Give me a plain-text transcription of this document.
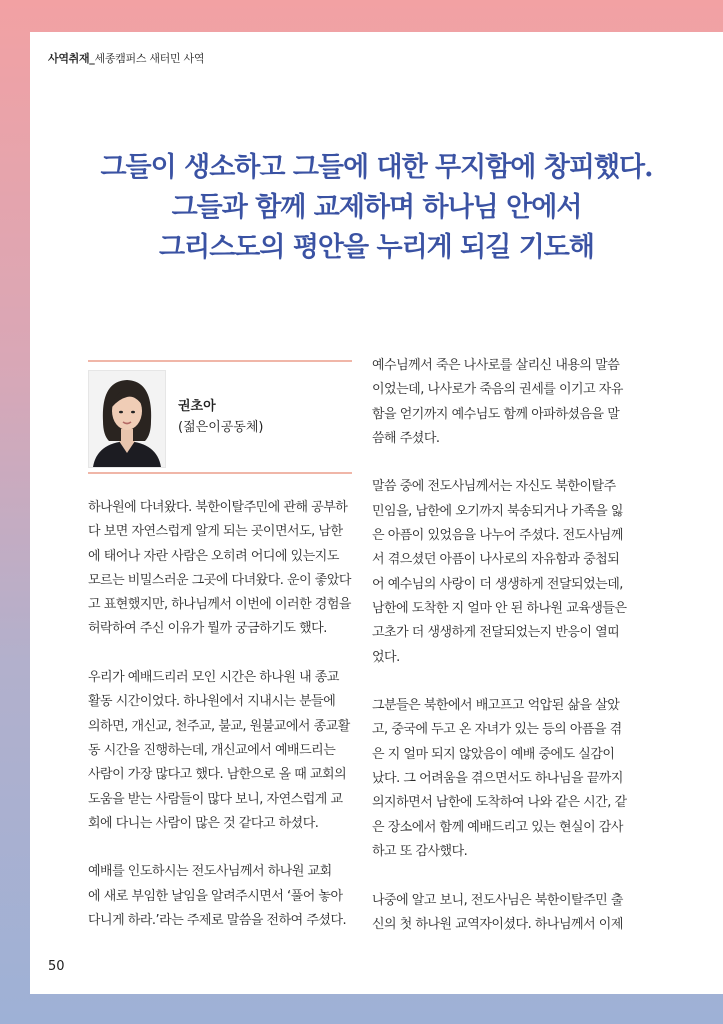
사역취재_세종캠퍼스 새터민 사역
그들이 생소하고 그들에 대한 무지함에 창피했다.
그들과 함께 교제하며 하나님 안에서
그리스도의 평안을 누리게 되길 기도해
권초아
(젊은이공동체)
하나원에 다녀왔다. 북한이탈주민에 관해 공부하
다 보면 자연스럽게 알게 되는 곳이면서도, 남한
에 태어나 자란 사람은 오히려 어디에 있는지도
모르는 비밀스러운 그곳에 다녀왔다. 운이 좋았다
고 표현했지만, 하나님께서 이번에 이러한 경험을
허락하여 주신 이유가 뭘까 궁금하기도 했다.
우리가 예배드리러 모인 시간은 하나원 내 종교
활동 시간이었다. 하나원에서 지내시는 분들에
의하면, 개신교, 천주교, 불교, 원불교에서 종교활
동 시간을 진행하는데, 개신교에서 예배드리는
사람이 가장 많다고 했다. 남한으로 올 때 교회의
도움을 받는 사람들이 많다 보니, 자연스럽게 교
회에 다니는 사람이 많은 것 같다고 하셨다.
예배를 인도하시는 전도사님께서 하나원 교회
에 새로 부임한 날임을 알려주시면서 ‘풀어 놓아
다니게 하라.’라는 주제로 말씀을 전하여 주셨다.
예수님께서 죽은 나사로를 살리신 내용의 말씀
이었는데, 나사로가 죽음의 권세를 이기고 자유
함을 얻기까지 예수님도 함께 아파하셨음을 말
씀해 주셨다.
말씀 중에 전도사님께서는 자신도 북한이탈주
민임을, 남한에 오기까지 북송되거나 가족을 잃
은 아픔이 있었음을 나누어 주셨다. 전도사님께
서 겪으셨던 아픔이 나사로의 자유함과 중첩되
어 예수님의 사랑이 더 생생하게 전달되었는데,
남한에 도착한 지 얼마 안 된 하나원 교육생들은
고초가 더 생생하게 전달되었는지 반응이 열띠
었다.
그분들은 북한에서 배고프고 억압된 삶을 살았
고, 중국에 두고 온 자녀가 있는 등의 아픔을 겪
은 지 얼마 되지 않았음이 예배 중에도 실감이
났다. 그 어려움을 겪으면서도 하나님을 끝까지
의지하면서 남한에 도착하여 나와 같은 시간, 같
은 장소에서 함께 예배드리고 있는 현실이 감사
하고 또 감사했다.
나중에 알고 보니, 전도사님은 북한이탈주민 출
신의 첫 하나원 교역자이셨다. 하나님께서 이제
50
